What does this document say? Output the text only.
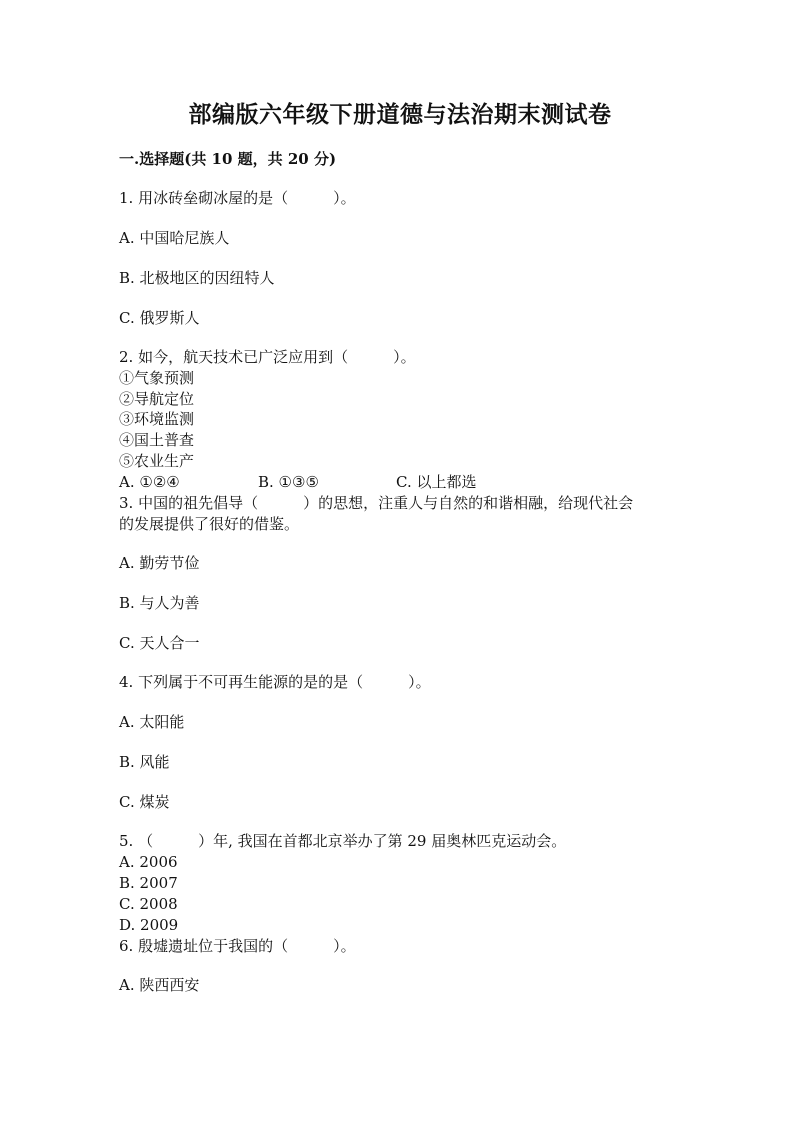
部编版六年级下册道德与法治期末测试卷
一.选择题(共 10 题，共 20 分)
1. 用冰砖垒砌冰屋的是（　　　）。
A. 中国哈尼族人
B. 北极地区的因纽特人
C. 俄罗斯人
2. 如今，航天技术已广泛应用到（　　　）。
①气象预测
②导航定位
③环境监测
④国土普查
⑤农业生产
A. ①②④	B. ①③⑤	C. 以上都选
3. 中国的祖先倡导（　　　）的思想，注重人与自然的和谐相融，给现代社会
的发展提供了很好的借鉴。
A. 勤劳节俭
B. 与人为善
C. 天人合一
4. 下列属于不可再生能源的是的是（　　　）。
A. 太阳能
B. 风能
C. 煤炭
5. （　　　）年, 我国在首都北京举办了第 29 届奥林匹克运动会。
A. 2006
B. 2007
C. 2008
D. 2009
6. 殷墟遗址位于我国的（　　　）。
A. 陕西西安
